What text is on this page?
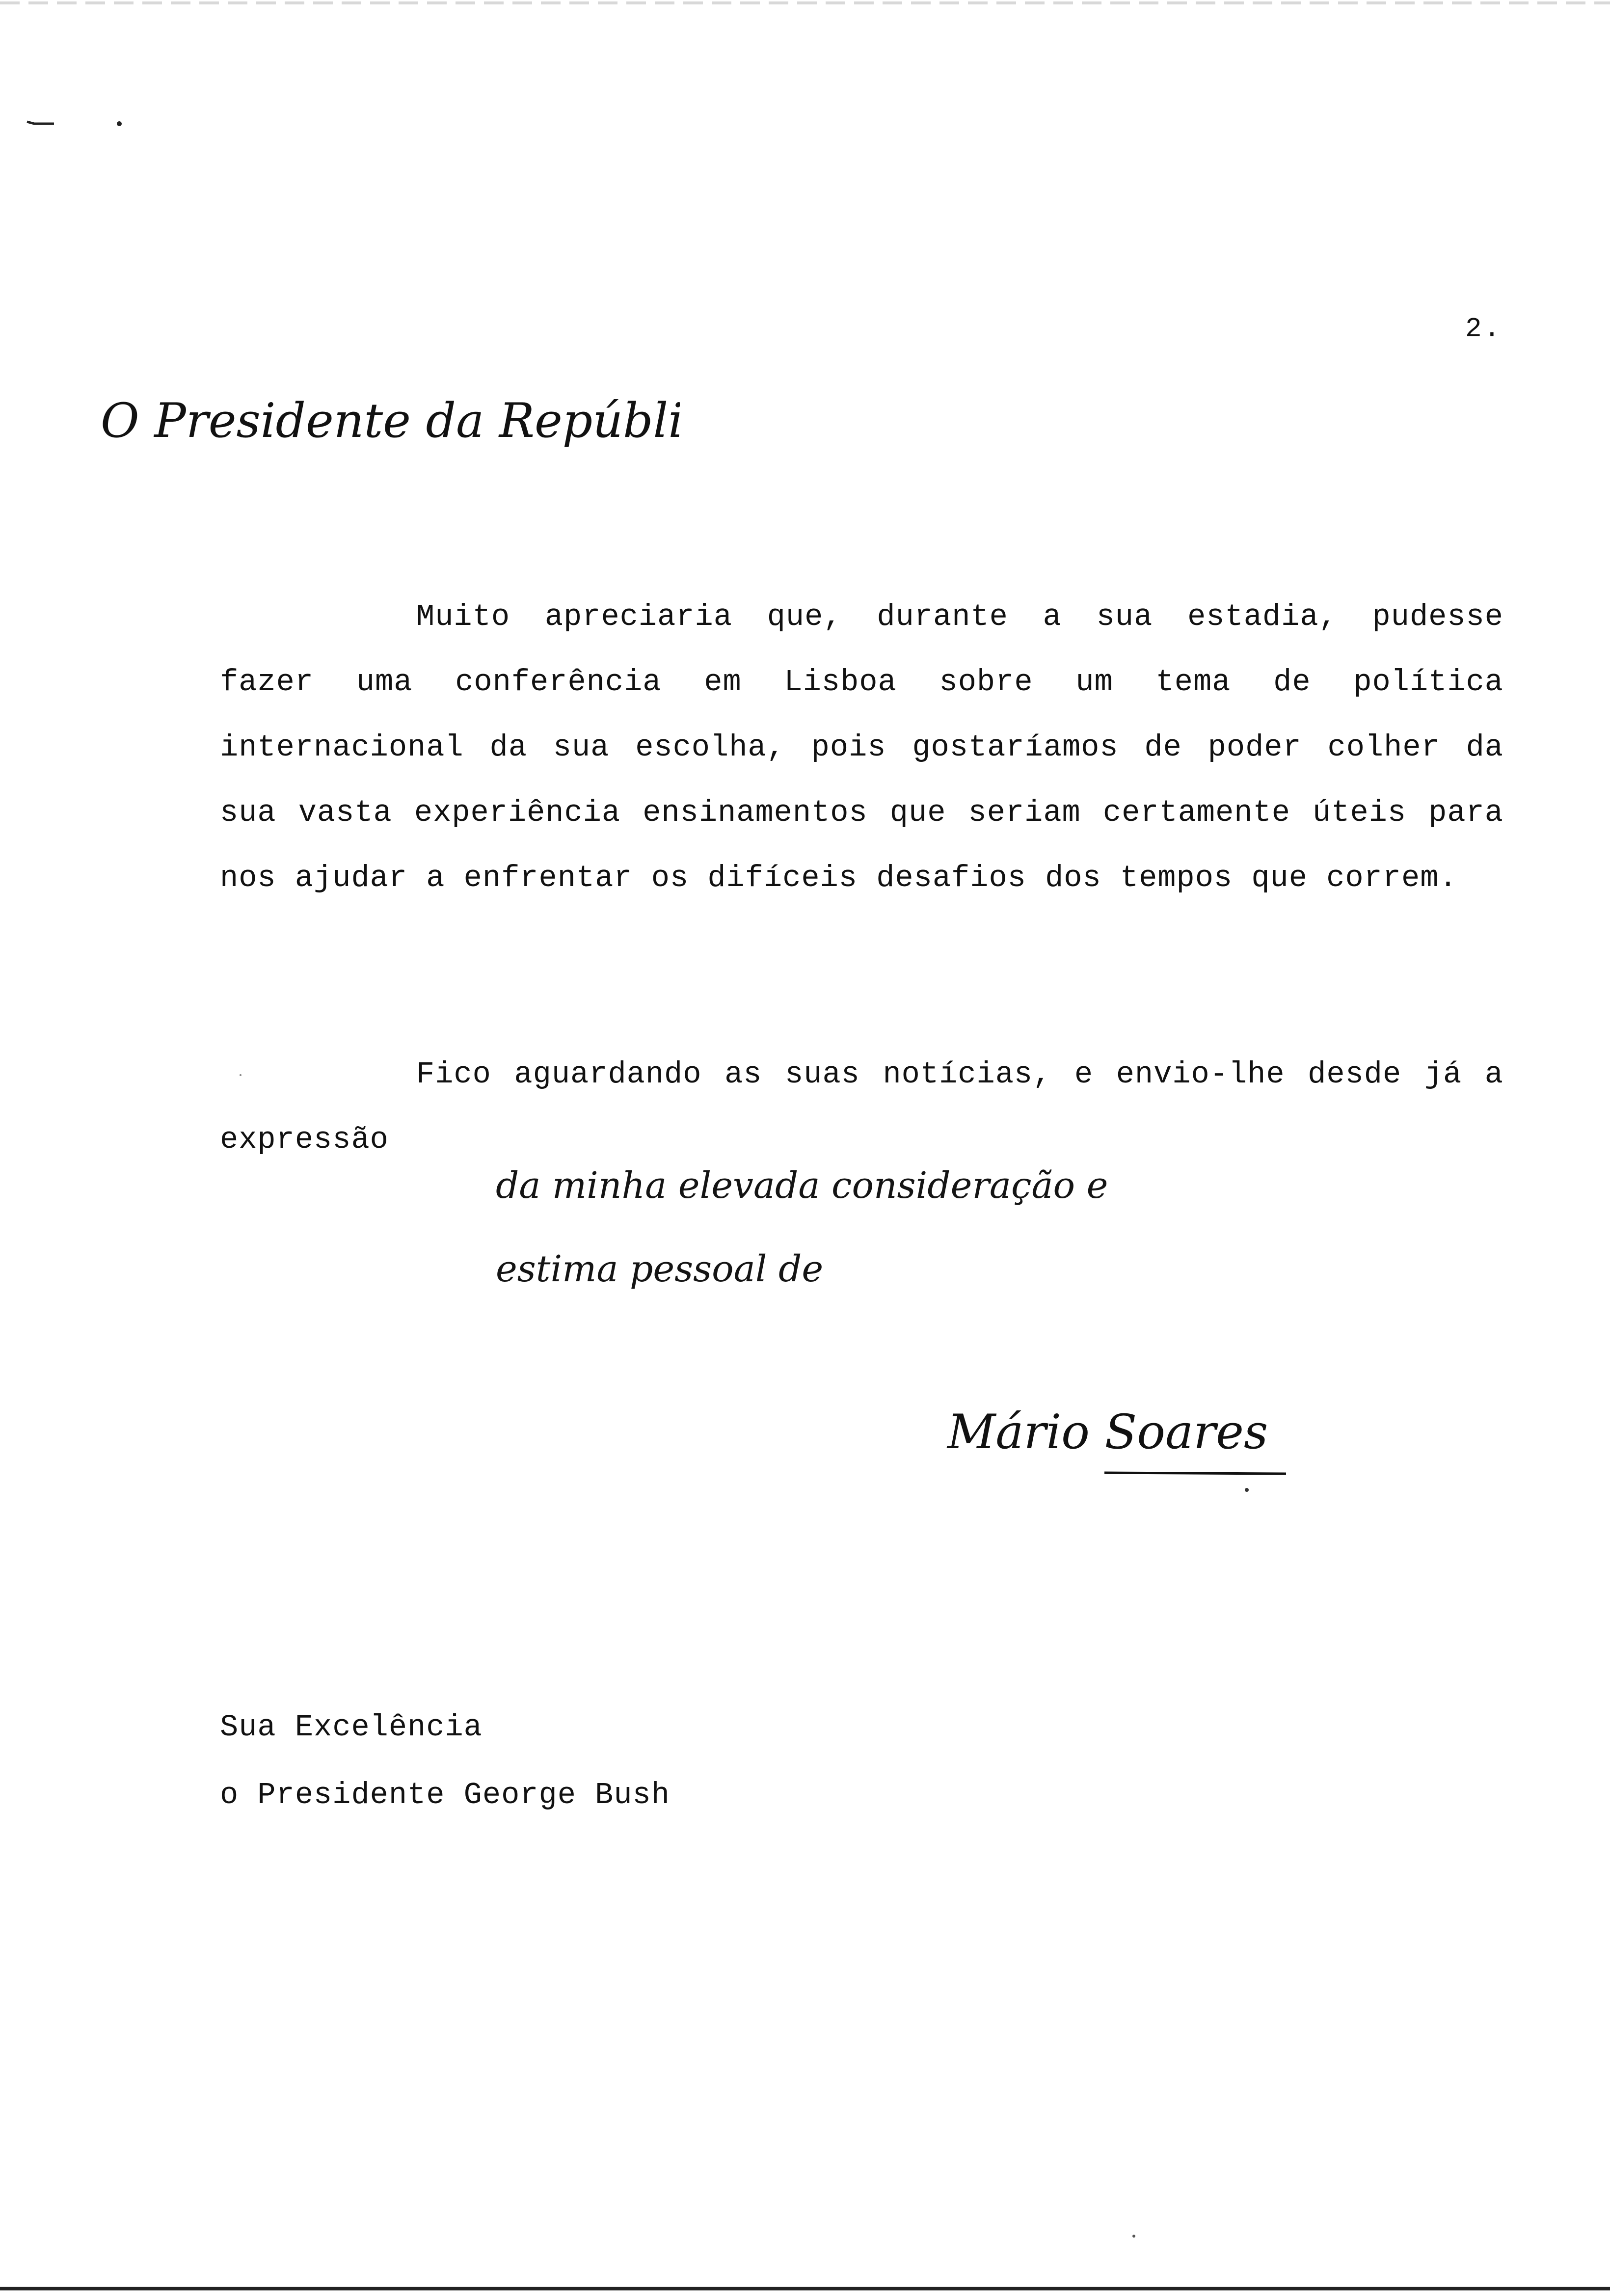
2.
O Presidente da República

Muito apreciaria que, durante a sua estadia, pudesse fazer uma conferência em Lisboa sobre um tema de política internacional da sua escolha, pois gostaríamos de poder colher da sua vasta experiência ensinamentos que seriam certamente úteis para nos ajudar a enfrentar os difíceis desafios dos tempos que correm.

Fico aguardando as suas notícias, e envio-lhe desde já a expressão

da minha elevada consideração e
estima pessoal de
Mário Soares
Sua Excelência
o Presidente George Bush
